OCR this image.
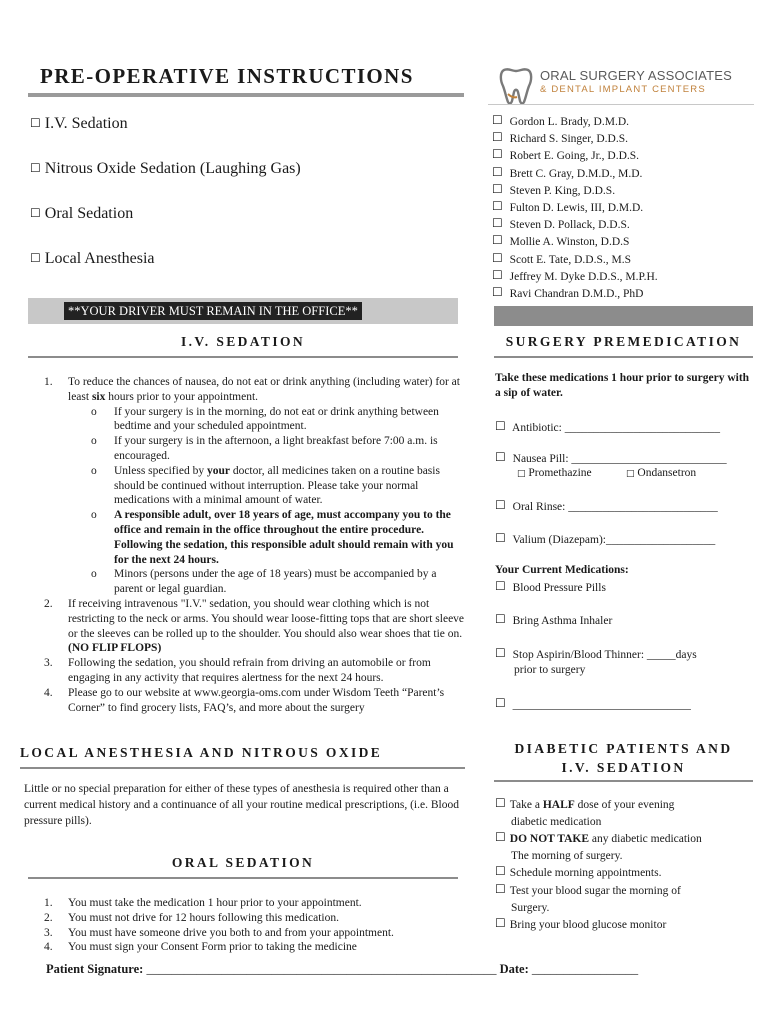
PRE-OPERATIVE INSTRUCTIONS	ORAL SURGERY ASSOCIATES
& DENTAL IMPLANT CENTERS
☐ I.V. Sedation
☐ Nitrous Oxide Sedation (Laughing Gas)
☐ Oral Sedation
☐ Local Anesthesia
☐ Gordon L. Brady, D.M.D.
☐ Richard S. Singer, D.D.S.
☐ Robert E. Going, Jr., D.D.S.
☐ Brett C. Gray, D.M.D., M.D.
☐ Steven P. King, D.D.S.
☐ Fulton D. Lewis, III, D.M.D.
☐ Steven D. Pollack, D.D.S.
☐ Mollie A. Winston, D.D.S
☐ Scott E. Tate, D.D.S., M.S
☐ Jeffrey M. Dyke D.D.S., M.P.H.
☐ Ravi Chandran D.M.D., PhD
**YOUR DRIVER MUST REMAIN IN THE OFFICE**
I.V. SEDATION
1. To reduce the chances of nausea, do not eat or drink anything (including water) for at least six hours prior to your appointment.
o If your surgery is in the morning, do not eat or drink anything between bedtime and your scheduled appointment.
o If your surgery is in the afternoon, a light breakfast before 7:00 a.m. is encouraged.
o Unless specified by your doctor, all medicines taken on a routine basis should be continued without interruption. Please take your normal medications with a minimal amount of water.
o A responsible adult, over 18 years of age, must accompany you to the office and remain in the office throughout the entire procedure. Following the sedation, this responsible adult should remain with you for the next 24 hours.
o Minors (persons under the age of 18 years) must be accompanied by a parent or legal guardian.
2. If receiving intravenous "I.V." sedation, you should wear clothing which is not restricting to the neck or arms. You should wear loose-fitting tops that are short sleeve or the sleeves can be rolled up to the shoulder. You should also wear shoes that tie on. (NO FLIP FLOPS)
3. Following the sedation, you should refrain from driving an automobile or from engaging in any activity that requires alertness for the next 24 hours.
4. Please go to our website at www.georgia-oms.com under Wisdom Teeth “Parent’s Corner” to find grocery lists, FAQ’s, and more about the surgery
LOCAL ANESTHESIA AND NITROUS OXIDE
Little or no special preparation for either of these types of anesthesia is required other than a current medical history and a continuance of all your routine medical prescriptions, (i.e. Blood pressure pills).
ORAL SEDATION
1. You must take the medication 1 hour prior to your appointment.
2. You must not drive for 12 hours following this medication.
3. You must have someone drive you both to and from your appointment.
4. You must sign your Consent Form prior to taking the medicine
SURGERY PREMEDICATION
Take these medications 1 hour prior to surgery with a sip of water.
☐ Antibiotic: ___________________________
☐ Nausea Pill: ___________________________
□ Promethazine	□ Ondansetron
☐ Oral Rinse: __________________________
☐ Valium (Diazepam):___________________
Your Current Medications:
☐ Blood Pressure Pills
☐ Bring Asthma Inhaler
☐ Stop Aspirin/Blood Thinner: _____days
prior to surgery
☐ _______________________________
DIABETIC PATIENTS AND
I.V. SEDATION
☐ Take a HALF dose of your evening
diabetic medication
☐ DO NOT TAKE any diabetic medication
The morning of surgery.
☐ Schedule morning appointments.
☐ Test your blood sugar the morning of
Surgery.
☐ Bring your blood glucose monitor
Patient Signature: ________________________________________________________ Date: _________________
